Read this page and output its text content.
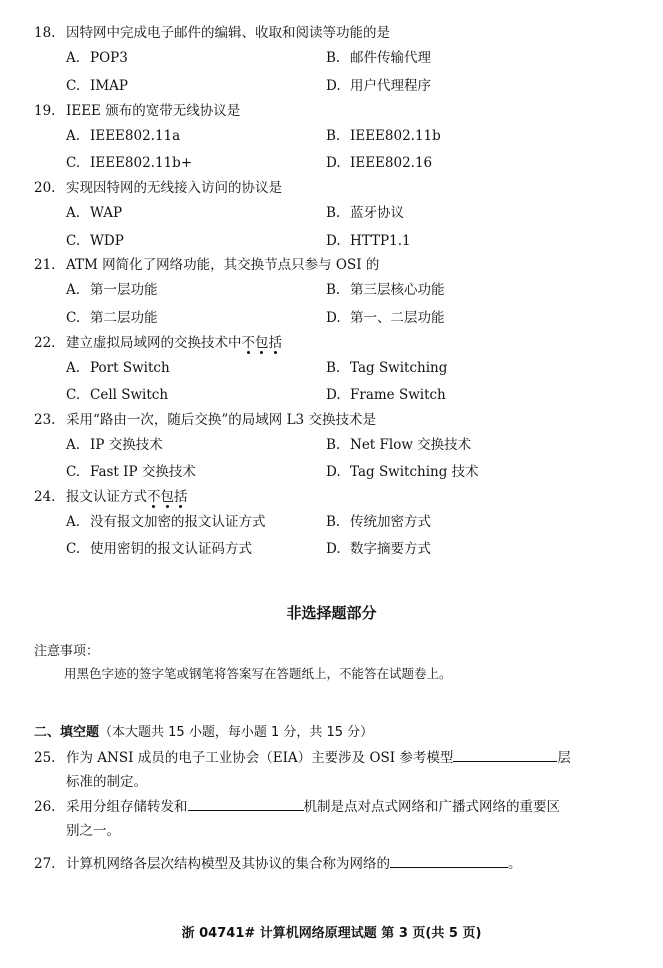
18. 因特网中完成电子邮件的编辑、收取和阅读等功能的是
A. POP3	B. 邮件传输代理
C. IMAP	D. 用户代理程序
19. IEEE 颁布的宽带无线协议是
A. IEEE802.11a	B. IEEE802.11b
C. IEEE802.11b+	D. IEEE802.16
20. 实现因特网的无线接入访问的协议是
A. WAP	B. 蓝牙协议
C. WDP	D. HTTP1.1
21. ATM 网简化了网络功能，其交换节点只参与 OSI 的
A. 第一层功能	B. 第三层核心功能
C. 第二层功能	D. 第一、二层功能
22. 建立虚拟局域网的交换技术中不包括
A. Port Switch	B. Tag Switching
C. Cell Switch	D. Frame Switch
23. 采用“路由一次，随后交换”的局域网 L3 交换技术是
A. IP 交换技术	B. Net Flow 交换技术
C. Fast IP 交换技术	D. Tag Switching 技术
24. 报文认证方式不包括
A. 没有报文加密的报文认证方式	B. 传统加密方式
C. 使用密钥的报文认证码方式	D. 数字摘要方式
非选择题部分
注意事项：
用黑色字迹的签字笔或钢笔将答案写在答题纸上，不能答在试题卷上。
二、填空题（本大题共 15 小题，每小题 1 分，共 15 分）
25. 作为 ANSI 成员的电子工业协会（EIA）主要涉及 OSI 参考模型	层
标准的制定。
26. 采用分组存储转发和	机制是点对点式网络和广播式网络的重要区
别之一。
27. 计算机网络各层次结构模型及其协议的集合称为网络的	。
浙 04741# 计算机网络原理试题 第 3 页(共 5 页)
